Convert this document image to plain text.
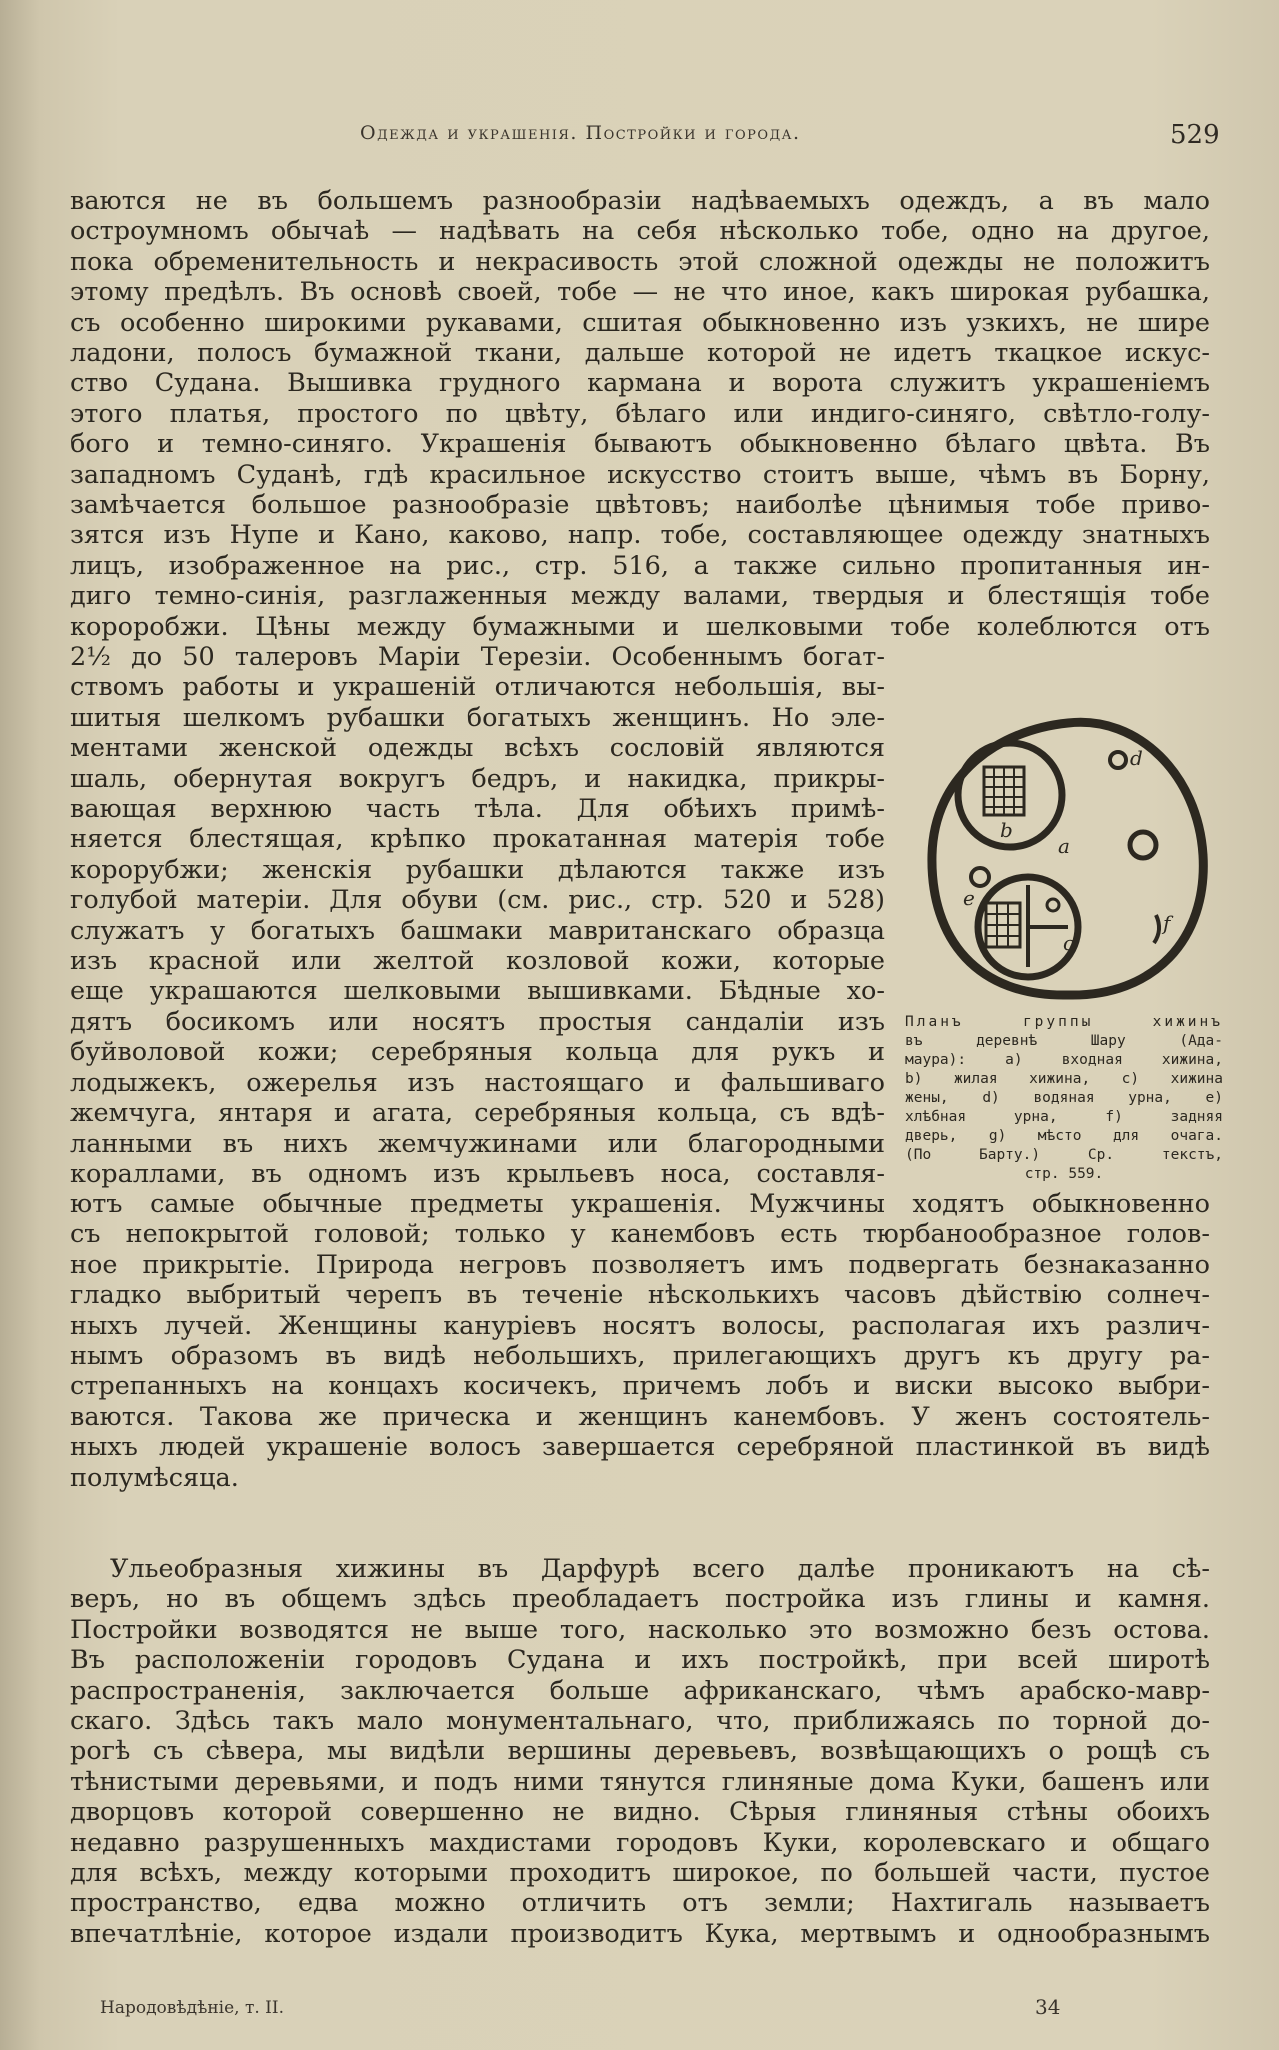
Одежда и украшенія. Постройки и города.	529
ваются не въ большемъ разнообразіи надѣваемыхъ одеждъ, а въ мало
остроумномъ обычаѣ — надѣвать на себя нѣсколько тобе, одно на другое,
пока обременительность и некрасивость этой сложной одежды не положитъ
этому предѣлъ. Въ основѣ своей, тобе — не что иное, какъ широкая рубашка,
съ особенно широкими рукавами, сшитая обыкновенно изъ узкихъ, не шире
ладони, полосъ бумажной ткани, дальше которой не идетъ ткацкое искус-
ство Судана. Вышивка грудного кармана и ворота служитъ украшеніемъ
этого платья, простого по цвѣту, бѣлаго или индиго-синяго, свѣтло-голу-
бого и темно-синяго. Украшенія бываютъ обыкновенно бѣлаго цвѣта. Въ
западномъ Суданѣ, гдѣ красильное искусство стоитъ выше, чѣмъ въ Борну,
замѣчается большое разнообразіе цвѣтовъ; наиболѣе цѣнимыя тобе приво-
зятся изъ Нупе и Кано, каково, напр. тобе, составляющее одежду знатныхъ
лицъ, изображенное на рис., стр. 516, а также сильно пропитанныя ин-
диго темно-синія, разглаженныя между валами, твердыя и блестящія тобе
короробжи. Цѣны между бумажными и шелковыми тобе колеблются отъ
2½ до 50 талеровъ Маріи Терезіи. Особеннымъ богат-
ствомъ работы и украшеній отличаются небольшія, вы-
шитыя шелкомъ рубашки богатыхъ женщинъ. Но эле-
ментами женской одежды всѣхъ сословій являются
шаль, обернутая вокругъ бедръ, и накидка, прикры-
вающая верхнюю часть тѣла. Для обѣихъ примѣ-
няется блестящая, крѣпко прокатанная матерія тобе
корорубжи; женскія рубашки дѣлаются также изъ
голубой матеріи. Для обуви (см. рис., стр. 520 и 528)
служатъ у богатыхъ башмаки мавританскаго образца
изъ красной или желтой козловой кожи, которые
еще украшаются шелковыми вышивками. Бѣдные хо-
дятъ босикомъ или носятъ простыя сандаліи изъ
буйволовой кожи; серебряныя кольца для рукъ и
лодыжекъ, ожерелья изъ настоящаго и фальшиваго
жемчуга, янтаря и агата, серебряныя кольца, съ вдѣ-
ланными въ нихъ жемчужинами или благородными
кораллами, въ одномъ изъ крыльевъ носа, составля-
a
b
c
d
e
f
Планъ группы хижинъ
въ деревнѣ Шару (Ада-
маура): a) входная хижина,
b) жилая хижина, c) хижина
жены, d) водяная урна, e)
хлѣбная урна, f) задняя
дверь, g) мѣсто для очага.
(По Барту.) Ср. текстъ,
стр. 559.
ютъ самые обычные предметы украшенія. Мужчины ходятъ обыкновенно
съ непокрытой головой; только у канембовъ есть тюрбанообразное голов-
ное прикрытіе. Природа негровъ позволяетъ имъ подвергать безнаказанно
гладко выбритый черепъ въ теченіе нѣсколькихъ часовъ дѣйствію солнеч-
ныхъ лучей. Женщины канурiевъ носятъ волосы, располагая ихъ различ-
нымъ образомъ въ видѣ небольшихъ, прилегающихъ другъ къ другу ра-
стрепанныхъ на концахъ косичекъ, причемъ лобъ и виски высоко выбри-
ваются. Такова же прическа и женщинъ канембовъ. У женъ состоятель-
ныхъ людей украшеніе волосъ завершается серебряной пластинкой въ видѣ
полумѣсяца.
Ульеобразныя хижины въ Дарфурѣ всего далѣе проникаютъ на сѣ-
веръ, но въ общемъ здѣсь преобладаетъ постройка изъ глины и камня.
Постройки возводятся не выше того, насколько это возможно безъ остова.
Въ расположеніи городовъ Судана и ихъ постройкѣ, при всей широтѣ
распространенія, заключается больше африканскаго, чѣмъ арабско-мавр-
скаго. Здѣсь такъ мало монументальнаго, что, приближаясь по торной до-
рогѣ съ сѣвера, мы видѣли вершины деревьевъ, возвѣщающихъ о рощѣ съ
тѣнистыми деревьями, и подъ ними тянутся глиняные дома Куки, башенъ или
дворцовъ которой совершенно не видно. Сѣрыя глиняныя стѣны обоихъ
недавно разрушенныхъ махдистами городовъ Куки, королевскаго и общаго
для всѣхъ, между которыми проходитъ широкое, по большей части, пустое
пространство, едва можно отличить отъ земли; Нахтигаль называетъ
впечатлѣніе, которое издали производитъ Кука, мертвымъ и однообразнымъ
Народовѣдѣніе, т. II.	34
